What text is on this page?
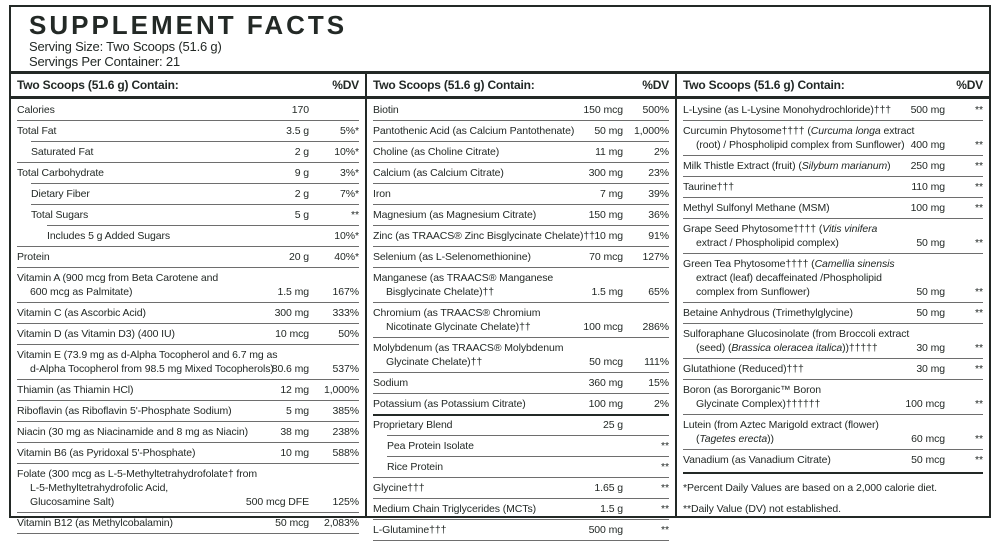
SUPPLEMENT FACTS
Serving Size: Two Scoops (51.6 g)
Servings Per Container: 21
Two Scoops (51.6 g) Contain:	%DV
Calories	170
Total Fat	3.5 g	5%*
Saturated Fat	2 g	10%*
Total Carbohydrate	9 g	3%*
Dietary Fiber	2 g	7%*
Total Sugars	5 g	**
Includes 5 g Added Sugars	10%*
Protein	20 g	40%*
Vitamin A (900 mcg from Beta Carotene and
600 mcg as Palmitate)	1.5 mg	167%
Vitamin C (as Ascorbic Acid)	300 mg	333%
Vitamin D (as Vitamin D3) (400 IU)	10 mcg	50%
Vitamin E (73.9 mg as d-Alpha Tocopherol and 6.7 mg as
d-Alpha Tocopherol from 98.5 mg Mixed Tocopherols)
80.6 mg	537%
Thiamin (as Thiamin HCl)	12 mg	1,000%
Riboflavin (as Riboflavin 5'-Phosphate Sodium)	5 mg	385%
Niacin (30 mg as Niacinamide and 8 mg as Niacin)	38 mg	238%
Vitamin B6 (as Pyridoxal 5'-Phosphate)	10 mg	588%
Folate (300 mcg as L-5-Methyltetrahydrofolate† from
L-5-Methyltetrahydrofolic Acid,
Glucosamine Salt)	500 mcg DFE	125%
Vitamin B12 (as Methylcobalamin)	50 mcg	2,083%
Two Scoops (51.6 g) Contain:	%DV
Biotin	150 mcg	500%
Pantothenic Acid (as Calcium Pantothenate)	50 mg	1,000%
Choline (as Choline Citrate)	11 mg	2%
Calcium (as Calcium Citrate)	300 mg	23%
Iron	7 mg	39%
Magnesium (as Magnesium Citrate)	150 mg	36%
Zinc (as TRAACS® Zinc Bisglycinate Chelate)†† 10 mg	91%
Selenium (as L-Selenomethionine)	70 mcg	127%
Manganese (as TRAACS® Manganese
Bisglycinate Chelate)††	1.5 mg	65%
Chromium (as TRAACS® Chromium
Nicotinate Glycinate Chelate)††	100 mcg	286%
Molybdenum (as TRAACS® Molybdenum
Glycinate Chelate)††	50 mcg	111%
Sodium	360 mg	15%
Potassium (as Potassium Citrate)	100 mg	2%
Proprietary Blend	25 g
Pea Protein Isolate	**
Rice Protein	**
Glycine†††	1.65 g	**
Medium Chain Triglycerides (MCTs)	1.5 g	**
L-Glutamine†††	500 mg	**
Two Scoops (51.6 g) Contain:	%DV
L-Lysine (as L-Lysine Monohydrochloride)†††	500 mg	**
Curcumin Phytosome†††† (Curcuma longa extract
(root) / Phospholipid complex from Sunflower) 400 mg	**
Milk Thistle Extract (fruit) (Silybum marianum)	250 mg	**
Taurine†††	110 mg	**
Methyl Sulfonyl Methane (MSM)	100 mg	**
Grape Seed Phytosome†††† (Vitis vinifera
extract / Phospholipid complex)	50 mg	**
Green Tea Phytosome†††† (Camellia sinensis
extract (leaf) decaffeinated /Phospholipid
complex from Sunflower)	50 mg	**
Betaine Anhydrous (Trimethylglycine)	50 mg	**
Sulforaphane Glucosinolate (from Broccoli extract
(seed) (Brassica oleracea italica))†††††	30 mg	**
Glutathione (Reduced)†††	30 mg	**
Boron (as Bororganic™ Boron
Glycinate Complex)††††††	100 mcg	**
Lutein (from Aztec Marigold extract (flower)
(Tagetes erecta))	60 mcg	**
Vanadium (as Vanadium Citrate)	50 mcg	**
*Percent Daily Values are based on a 2,000 calorie diet.
**Daily Value (DV) not established.
